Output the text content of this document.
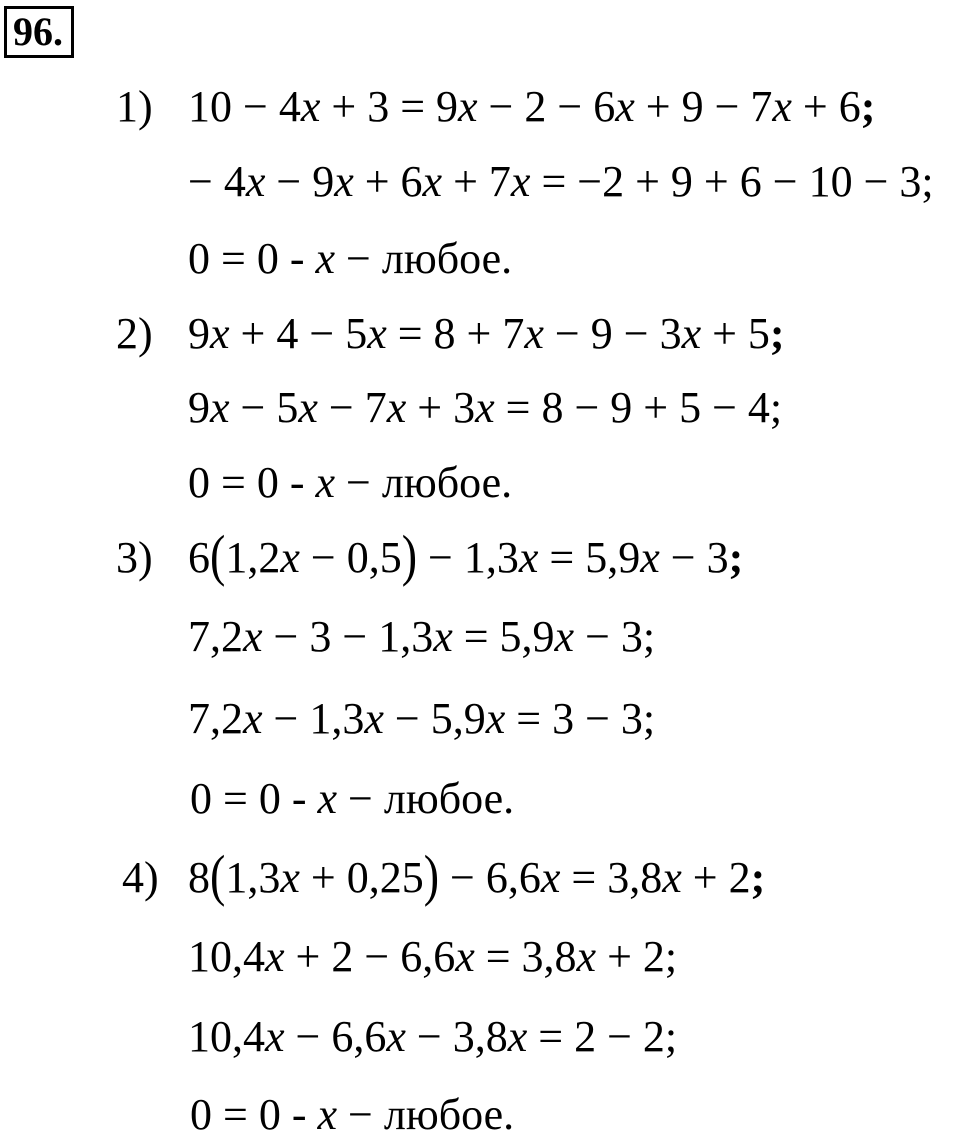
96.
1) 10 − 4x + 3 = 9x − 2 − 6x + 9 − 7x + 6;
− 4x − 9x + 6x + 7x = −2 + 9 + 6 − 10 − 3;
0 = 0 - x − любое.
2) 9x + 4 − 5x = 8 + 7x − 9 − 3x + 5;
9x − 5x − 7x + 3x = 8 − 9 + 5 − 4;
0 = 0 - x − любое.
3) 6(1,2x − 0,5) − 1,3x = 5,9x − 3;
7,2x − 3 − 1,3x = 5,9x − 3;
7,2x − 1,3x − 5,9x = 3 − 3;
0 = 0 - x − любое.
4) 8(1,3x + 0,25) − 6,6x = 3,8x + 2;
10,4x + 2 − 6,6x = 3,8x + 2;
10,4x − 6,6x − 3,8x = 2 − 2;
0 = 0 - x − любое.
